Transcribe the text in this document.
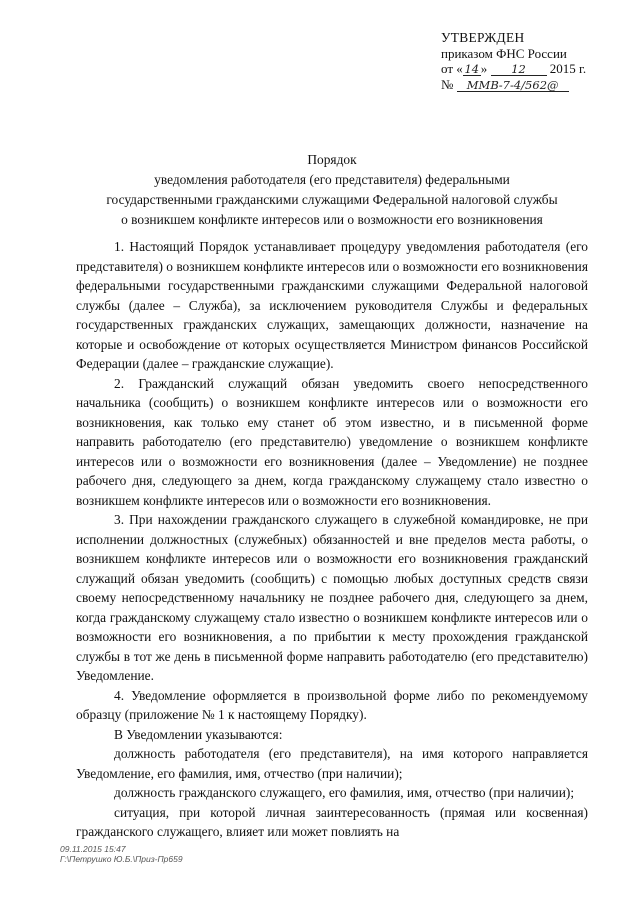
УТВЕРЖДЕН
приказом ФНС России
от « 14 » 12 2015 г.
№ ММВ-7-4/562@
Порядок
уведомления работодателя (его представителя) федеральными
государственными гражданскими служащими Федеральной налоговой службы
о возникшем конфликте интересов или о возможности его возникновения

1. Настоящий Порядок устанавливает процедуру уведомления работодателя (его представителя) о возникшем конфликте интересов или о возможности его возникновения федеральными государственными гражданскими служащими Федеральной налоговой службы (далее – Служба), за исключением руководителя Службы и федеральных государственных гражданских служащих, замещающих должности, назначение на которые и освобождение от которых осуществляется Министром финансов Российской Федерации (далее – гражданские служащие).

2. Гражданский служащий обязан уведомить своего непосредственного начальника (сообщить) о возникшем конфликте интересов или о возможности его возникновения, как только ему станет об этом известно, и в письменной форме направить работодателю (его представителю) уведомление о возникшем конфликте интересов или о возможности его возникновения (далее – Уведомление) не позднее рабочего дня, следующего за днем, когда гражданскому служащему стало известно о возникшем конфликте интересов или о возможности его возникновения.

3. При нахождении гражданского служащего в служебной командировке, не при исполнении должностных (служебных) обязанностей и вне пределов места работы, о возникшем конфликте интересов или о возможности его возникновения гражданский служащий обязан уведомить (сообщить) с помощью любых доступных средств связи своему непосредственному начальнику не позднее рабочего дня, следующего за днем, когда гражданскому служащему стало известно о возникшем конфликте интересов или о возможности его возникновения, а по прибытии к месту прохождения гражданской службы в тот же день в письменной форме направить работодателю (его представителю) Уведомление.

4. Уведомление оформляется в произвольной форме либо по рекомендуемому образцу (приложение № 1 к настоящему Порядку).

В Уведомлении указываются:

должность работодателя (его представителя), на имя которого направляется Уведомление, его фамилия, имя, отчество (при наличии);

должность гражданского служащего, его фамилия, имя, отчество (при наличии);

ситуация, при которой личная заинтересованность (прямая или косвенная) гражданского служащего, влияет или может повлиять на

09.11.2015 15:47
Г:\Петрушко Ю.Б.\Приз-Пр659
